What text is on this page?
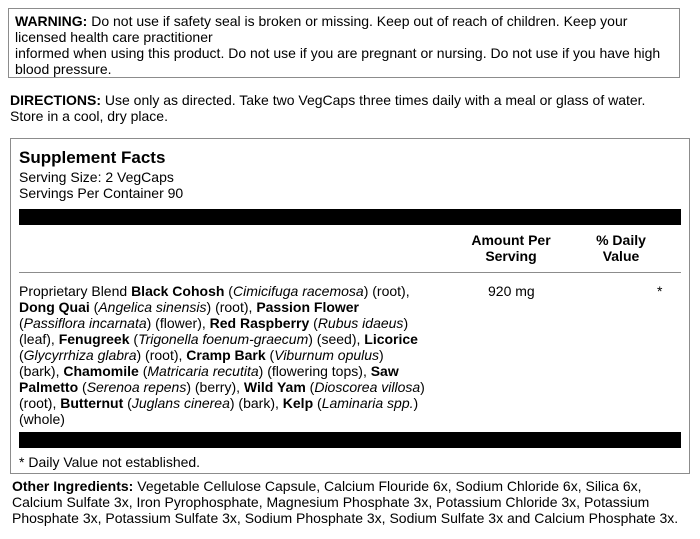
WARNING: Do not use if safety seal is broken or missing. Keep out of reach of children. Keep your
licensed health care practitioner
informed when using this product. Do not use if you are pregnant or nursing. Do not use if you have high
blood pressure.
DIRECTIONS: Use only as directed. Take two VegCaps three times daily with a meal or glass of water.
Store in a cool, dry place.
Supplement Facts
Serving Size: 2 VegCaps
Servings Per Container 90
Amount Per
Serving
% Daily
Value
Proprietary Blend Black Cohosh (Cimicifuga racemosa) (root), Dong Quai (Angelica sinensis) (root), Passion Flower (Passiflora incarnata) (flower), Red Raspberry (Rubus idaeus) (leaf), Fenugreek (Trigonella foenum-graecum) (seed), Licorice (Glycyrrhiza glabra) (root), Cramp Bark (Viburnum opulus) (bark), Chamomile (Matricaria recutita) (flowering tops), Saw Palmetto (Serenoa repens) (berry), Wild Yam (Dioscorea villosa) (root), Butternut (Juglans cinerea) (bark), Kelp (Laminaria spp.) (whole)
920 mg	*
* Daily Value not established.
Other Ingredients: Vegetable Cellulose Capsule, Calcium Flouride 6x, Sodium Chloride 6x, Silica 6x,
Calcium Sulfate 3x, Iron Pyrophosphate, Magnesium Phosphate 3x, Potassium Chloride 3x, Potassium
Phosphate 3x, Potassium Sulfate 3x, Sodium Phosphate 3x, Sodium Sulfate 3x and Calcium Phosphate 3x.
